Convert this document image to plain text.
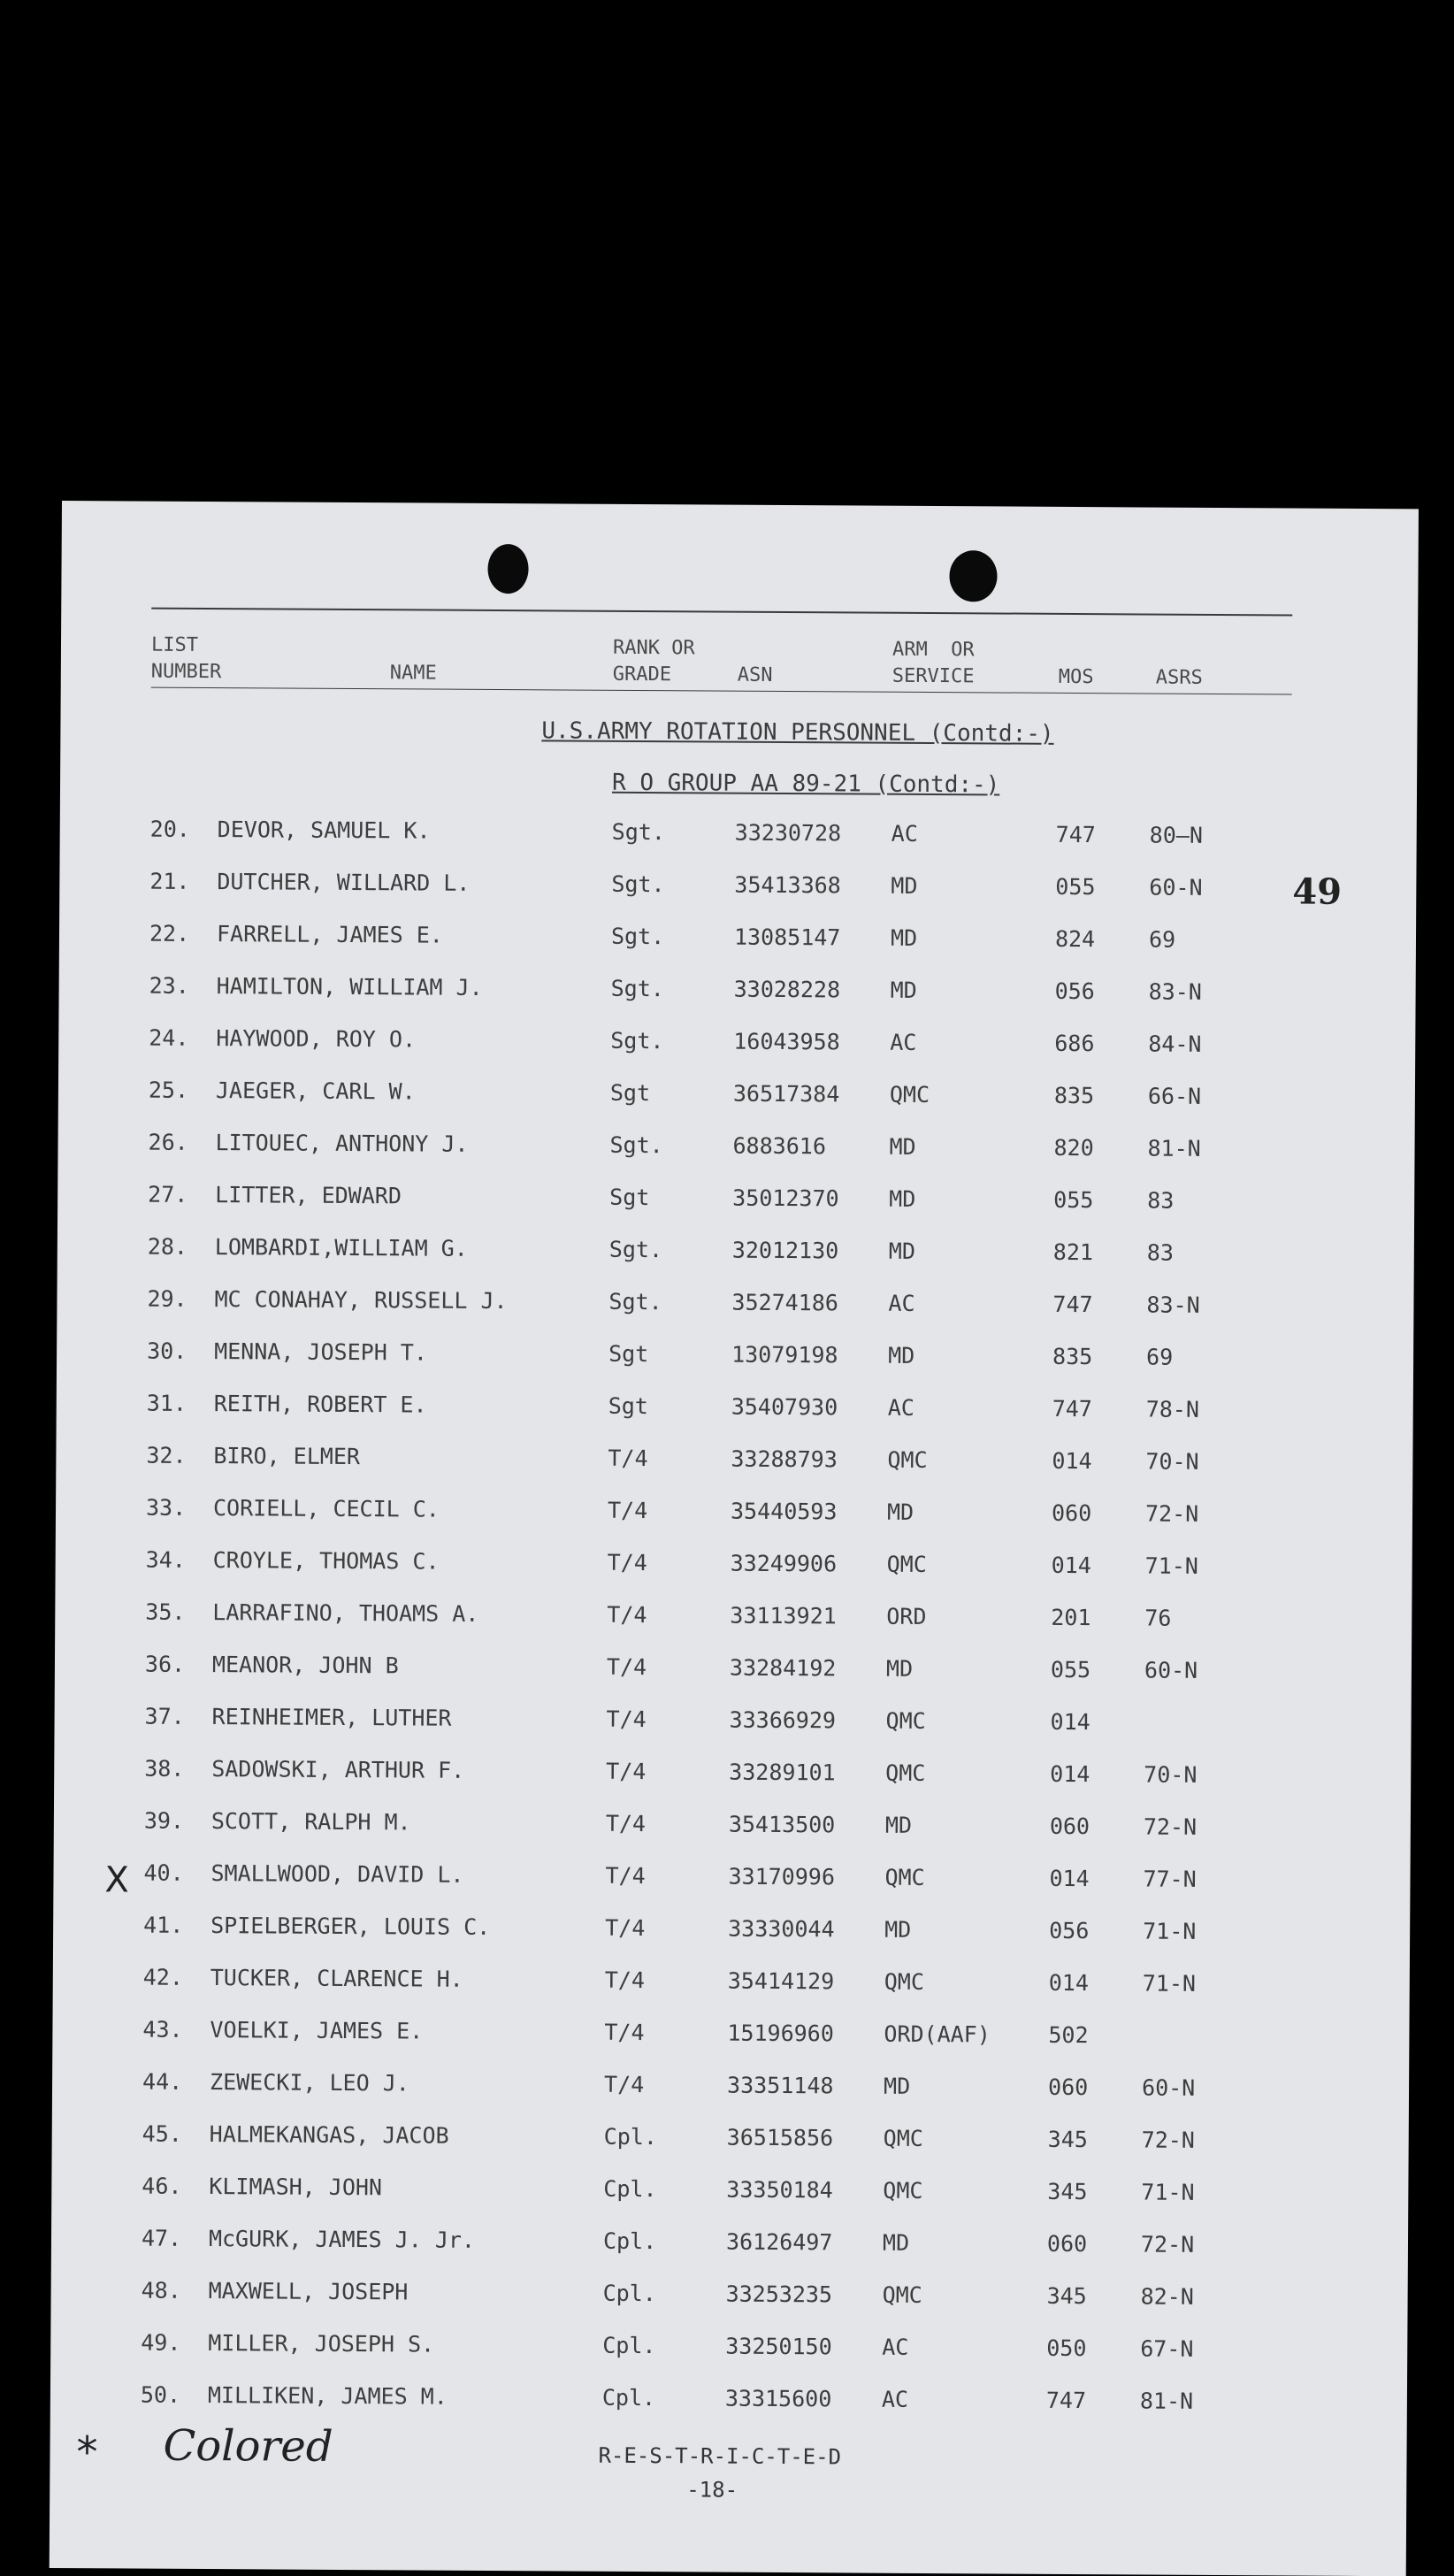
LIST
NUMBER	NAME
RANK OR
GRADE	ASN
ARM  OR
SERVICE	MOS	ASRS
U.S.ARMY ROTATION PERSONNEL (Contd:-)
R O GROUP AA 89-21 (Contd:-)
49
20. DEVOR, SAMUEL K.	Sgt.	33230728 AC	747 80—N
21. DUTCHER, WILLARD L.	Sgt.	35413368 MD	055 60-N
22. FARRELL, JAMES E.	Sgt.	13085147 MD	824 69
23. HAMILTON, WILLIAM J.	Sgt.	33028228 MD	056 83-N
24. HAYWOOD, ROY O.	Sgt.	16043958 AC	686 84-N
25. JAEGER, CARL W.	Sgt	36517384 QMC	835 66-N
26. LITOUEC, ANTHONY J.	Sgt.	6883616	MD	820 81-N
27. LITTER, EDWARD	Sgt	35012370 MD	055 83
28. LOMBARDI,WILLIAM G.	Sgt.	32012130 MD	821 83
29. MC CONAHAY, RUSSELL J.	Sgt.	35274186 AC	747 83-N
30. MENNA, JOSEPH T.	Sgt	13079198 MD	835 69
31. REITH, ROBERT E.	Sgt	35407930 AC	747 78-N
32. BIRO, ELMER	T/4	33288793 QMC	014 70-N
33. CORIELL, CECIL C.	T/4	35440593 MD	060 72-N
34. CROYLE, THOMAS C.	T/4	33249906 QMC	014 71-N
35. LARRAFINO, THOAMS A.	T/4	33113921 ORD	201 76
36. MEANOR, JOHN B	T/4	33284192 MD	055 60-N
37. REINHEIMER, LUTHER	T/4	33366929 QMC	014
38. SADOWSKI, ARTHUR F.	T/4	33289101 QMC	014 70-N
39. SCOTT, RALPH M.	T/4	35413500 MD	060 72-N
40. SMALLWOOD, DAVID L.	T/4	33170996 QMC	014 77-N
41. SPIELBERGER, LOUIS C.	T/4	33330044 MD	056 71-N
42. TUCKER, CLARENCE H.	T/4	35414129 QMC	014 71-N
43. VOELKI, JAMES E.	T/4	15196960 ORD(AAF)	502
44. ZEWECKI, LEO J.	T/4	33351148 MD	060 60-N
45. HALMEKANGAS, JACOB	Cpl.	36515856 QMC	345 72-N
46. KLIMASH, JOHN	Cpl.	33350184 QMC	345 71-N
47. McGURK, JAMES J. Jr.	Cpl.	36126497 MD	060 72-N
48. MAXWELL, JOSEPH	Cpl.	33253235 QMC	345 82-N
49. MILLER, JOSEPH S.	Cpl.	33250150 AC	050 67-N
50. MILLIKEN, JAMES M.	Cpl.	33315600 AC	747 81-N
X
* Colored	R-E-S-T-R-I-C-T-E-D
-18-
